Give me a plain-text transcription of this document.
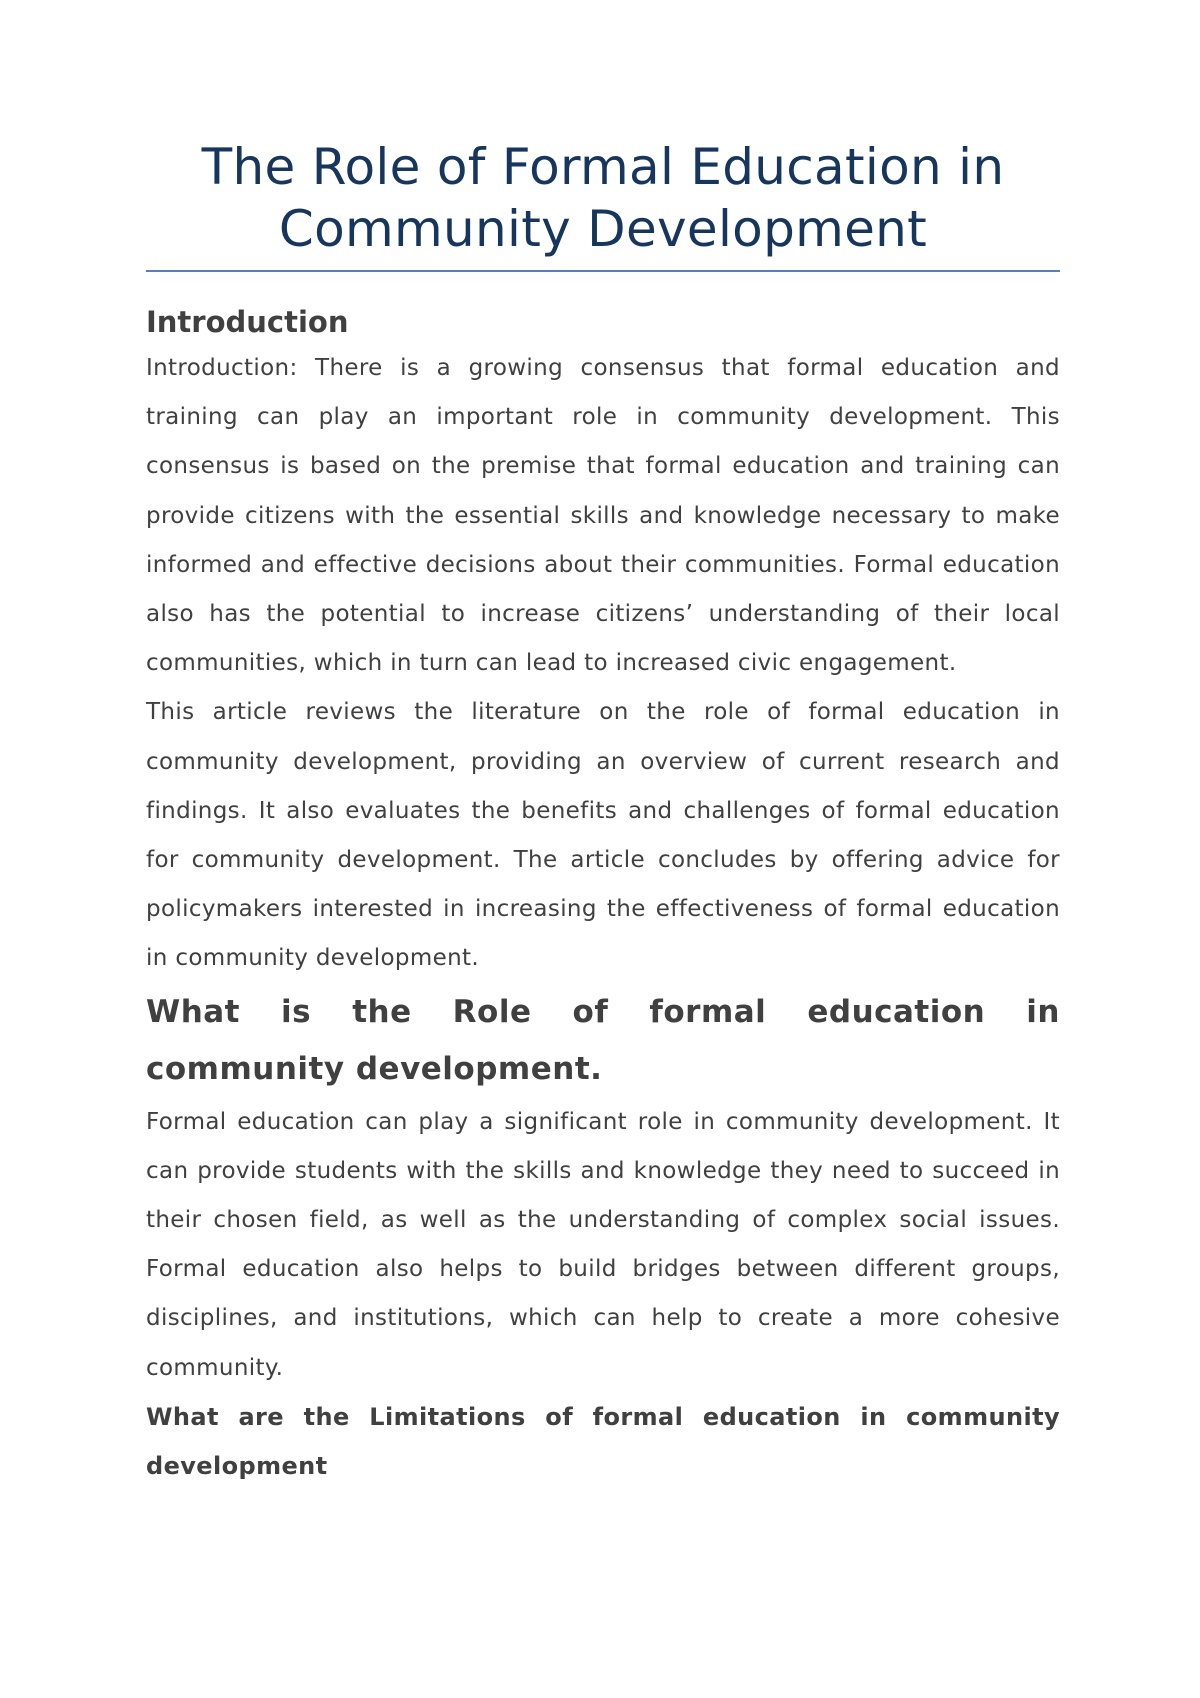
The Role of Formal Education in Community Development
Introduction

Introduction: There is a growing consensus that formal education and training can play an important role in community development. This consensus is based on the premise that formal education and training can provide citizens with the essential skills and knowledge necessary to make informed and effective decisions about their communities. Formal education also has the potential to increase citizens’ understanding of their local communities, which in turn can lead to increased civic engagement.

This article reviews the literature on the role of formal education in community development, providing an overview of current research and findings. It also evaluates the benefits and challenges of formal education for community development. The article concludes by offering advice for policymakers interested in increasing the effectiveness of formal education in community development.

What is the Role of formal education in community development.

Formal education can play a significant role in community development. It can provide students with the skills and knowledge they need to succeed in their chosen field, as well as the understanding of complex social issues. Formal education also helps to build bridges between different groups, disciplines, and institutions, which can help to create a more cohesive community.

What are the Limitations of formal education in community development
